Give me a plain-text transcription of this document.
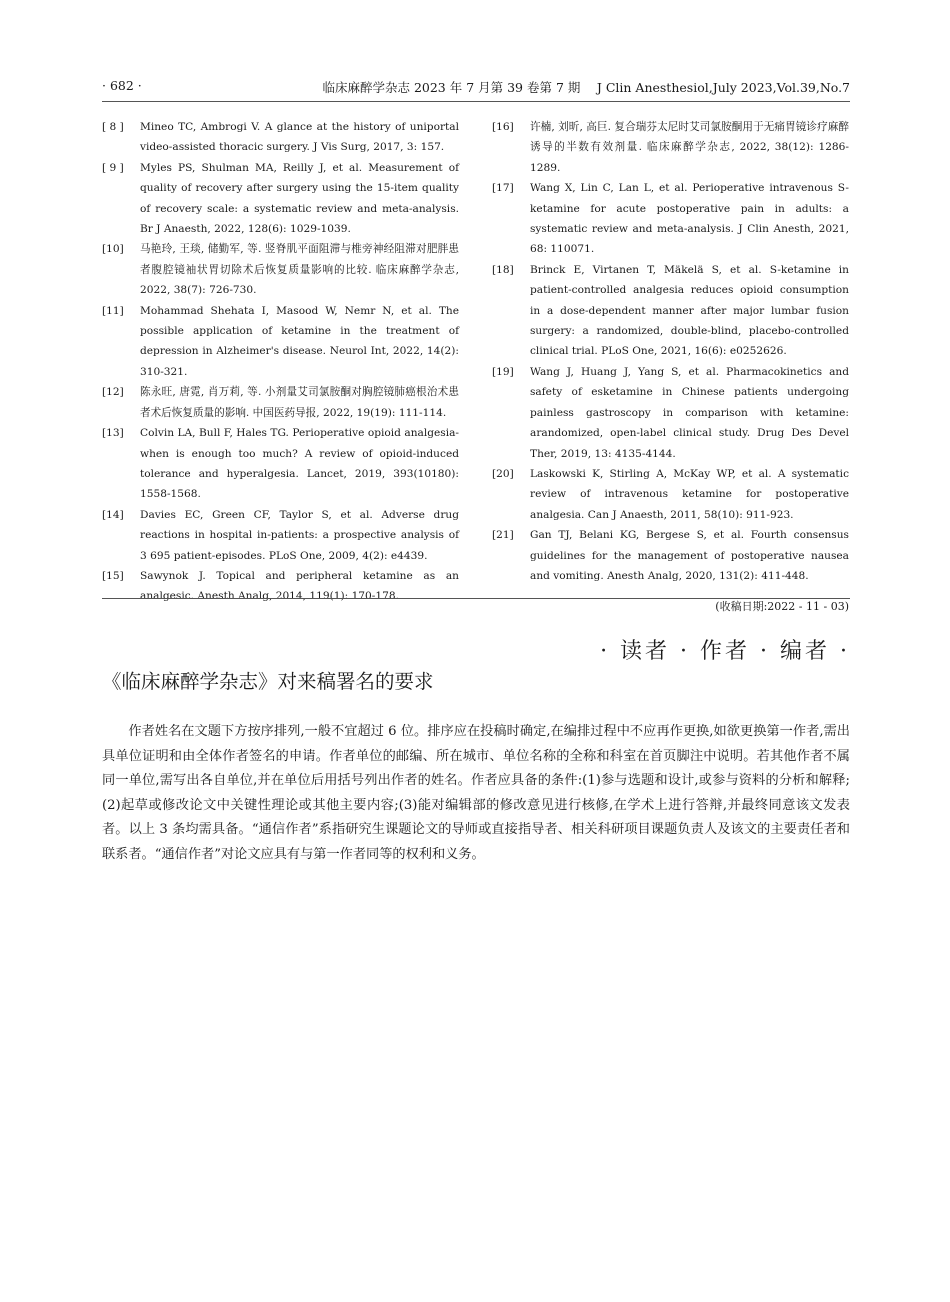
· 682 ·	临床麻醉学杂志 2023 年 7 月第 39 卷第 7 期 　J Clin Anesthesiol,July 2023,Vol.39,No.7

[ 8 ]	Mineo TC, Ambrogi V. A glance at the history of uniportal video-assisted thoracic surgery. J Vis Surg, 2017, 3: 157.

[ 9 ]	Myles PS, Shulman MA, Reilly J, et al. Measurement of quality of recovery after surgery using the 15-item quality of recovery scale: a systematic review and meta-analysis. Br J Anaesth, 2022, 128(6): 1029-1039.

[10]	马艳玲, 王琰, 储勤军, 等. 竖脊肌平面阻滞与椎旁神经阻滞对肥胖患者腹腔镜袖状胃切除术后恢复质量影响的比较. 临床麻醉学杂志, 2022, 38(7): 726-730.

[11]	Mohammad Shehata I, Masood W, Nemr N, et al. The possible application of ketamine in the treatment of depression in Alzheimer's disease. Neurol Int, 2022, 14(2): 310-321.

[12]	陈永旺, 唐霓, 肖万莉, 等. 小剂量艾司氯胺酮对胸腔镜肺癌根治术患者术后恢复质量的影响. 中国医药导报, 2022, 19(19): 111-114.

[13]	Colvin LA, Bull F, Hales TG. Perioperative opioid analgesia-when is enough too much? A review of opioid-induced tolerance and hyperalgesia. Lancet, 2019, 393(10180): 1558-1568.

[14]	Davies EC, Green CF, Taylor S, et al. Adverse drug reactions in hospital in-patients: a prospective analysis of 3 695 patient-episodes. PLoS One, 2009, 4(2): e4439.

[15]	Sawynok J. Topical and peripheral ketamine as an analgesic. Anesth Analg, 2014, 119(1): 170-178.

[16]	许楠, 刘昕, 高巨. 复合瑞芬太尼时艾司氯胺酮用于无痛胃镜诊疗麻醉诱导的半数有效剂量. 临床麻醉学杂志, 2022, 38(12): 1286-1289.

[17]	Wang X, Lin C, Lan L, et al. Perioperative intravenous S-ketamine for acute postoperative pain in adults: a systematic review and meta-analysis. J Clin Anesth, 2021, 68: 110071.

[18]	Brinck E, Virtanen T, Mäkelä S, et al. S-ketamine in patient-controlled analgesia reduces opioid consumption in a dose-dependent manner after major lumbar fusion surgery: a randomized, double-blind, placebo-controlled clinical trial. PLoS One, 2021, 16(6): e0252626.

[19]	Wang J, Huang J, Yang S, et al. Pharmacokinetics and safety of esketamine in Chinese patients undergoing painless gastroscopy in comparison with ketamine: arandomized, open-label clinical study. Drug Des Devel Ther, 2019, 13: 4135-4144.

[20]	Laskowski K, Stirling A, McKay WP, et al. A systematic review of intravenous ketamine for postoperative analgesia. Can J Anaesth, 2011, 58(10): 911-923.

[21]	Gan TJ, Belani KG, Bergese S, et al. Fourth consensus guidelines for the management of postoperative nausea and vomiting. Anesth Analg, 2020, 131(2): 411-448.

(收稿日期:2022 - 11 - 03)

· 读者 · 作者 · 编者 ·
《临床麻醉学杂志》对来稿署名的要求

作者姓名在文题下方按序排列,一般不宜超过 6 位。排序应在投稿时确定,在编排过程中不应再作更换,如欲更换第一作者,需出具单位证明和由全体作者签名的申请。作者单位的邮编、所在城市、单位名称的全称和科室在首页脚注中说明。若其他作者不属同一单位,需写出各自单位,并在单位后用括号列出作者的姓名。作者应具备的条件:(1)参与选题和设计,或参与资料的分析和解释;(2)起草或修改论文中关键性理论或其他主要内容;(3)能对编辑部的修改意见进行核修,在学术上进行答辩,并最终同意该文发表者。以上 3 条均需具备。“通信作者”系指研究生课题论文的导师或直接指导者、相关科研项目课题负责人及该文的主要责任者和联系者。“通信作者”对论文应具有与第一作者同等的权利和义务。
